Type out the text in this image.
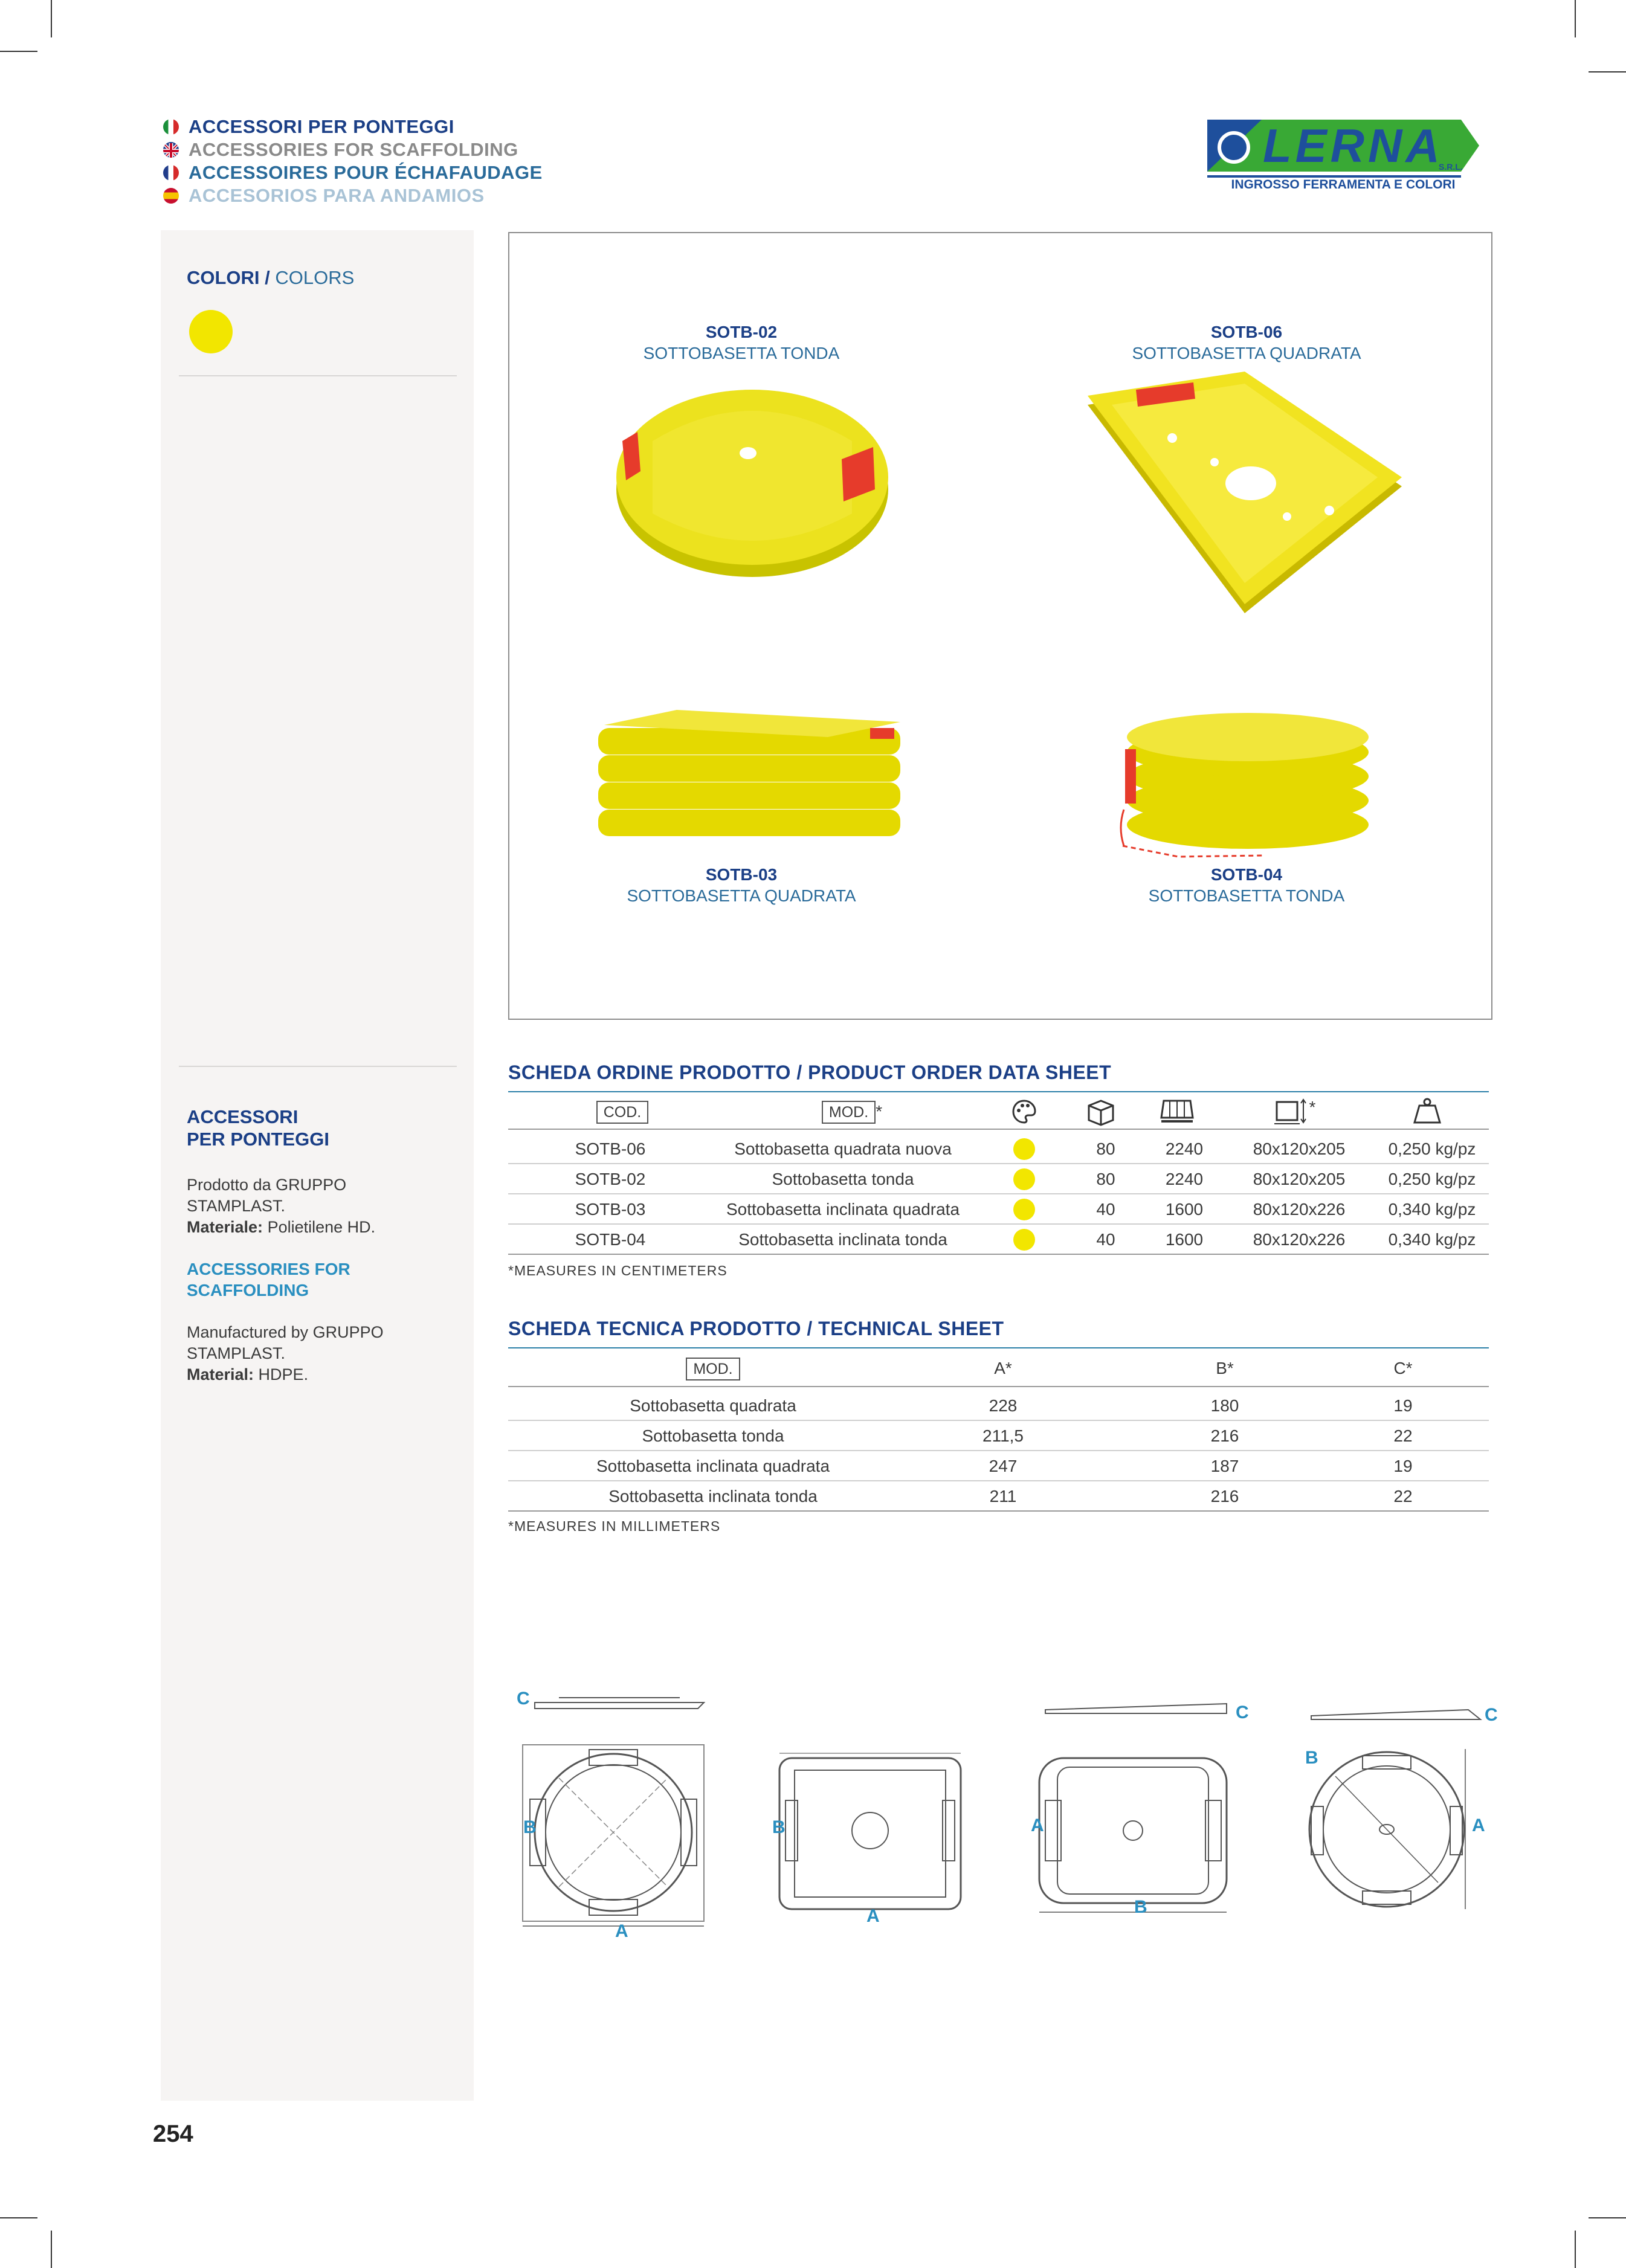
ACCESSORI PER PONTEGGI
ACCESSORIES FOR SCAFFOLDING
ACCESSOIRES POUR ÉCHAFAUDAGE
ACCESORIOS PARA ANDAMIOS
LERNA
S.R.L.
INGROSSO FERRAMENTA E COLORI
COLORI / COLORS
ACCESSORI
PER PONTEGGI
Prodotto da GRUPPO
STAMPLAST.
Materiale: Polietilene HD.
ACCESSORIES FOR
SCAFFOLDING
Manufactured by GRUPPO
STAMPLAST.
Material: HDPE.
SOTB-02
SOTTOBASETTA TONDA
SOTB-06
SOTTOBASETTA QUADRATA
SOTB-03
SOTTOBASETTA QUADRATA
SOTB-04
SOTTOBASETTA TONDA
SCHEDA ORDINE PRODOTTO / PRODUCT ORDER DATA SHEET
COD.	MOD. *	*
SOTB-06	Sottobasetta quadrata nuova	80	2240	80x120x205	0,250 kg/pz
SOTB-02	Sottobasetta tonda	80	2240	80x120x205	0,250 kg/pz
SOTB-03	Sottobasetta inclinata quadrata	40	1600	80x120x226	0,340 kg/pz
SOTB-04	Sottobasetta inclinata tonda	40	1600	80x120x226	0,340 kg/pz
*MEASURES IN CENTIMETERS
SCHEDA TECNICA PRODOTTO / TECHNICAL SHEET
MOD.	A*	B*	C*
Sottobasetta quadrata	228	180	19
Sottobasetta tonda	211,5	216	22
Sottobasetta inclinata quadrata	247	187	19
Sottobasetta inclinata tonda	211	216	22
*MEASURES IN MILLIMETERS
C
B
A
B
A
C
A
B
C
B
A
254
